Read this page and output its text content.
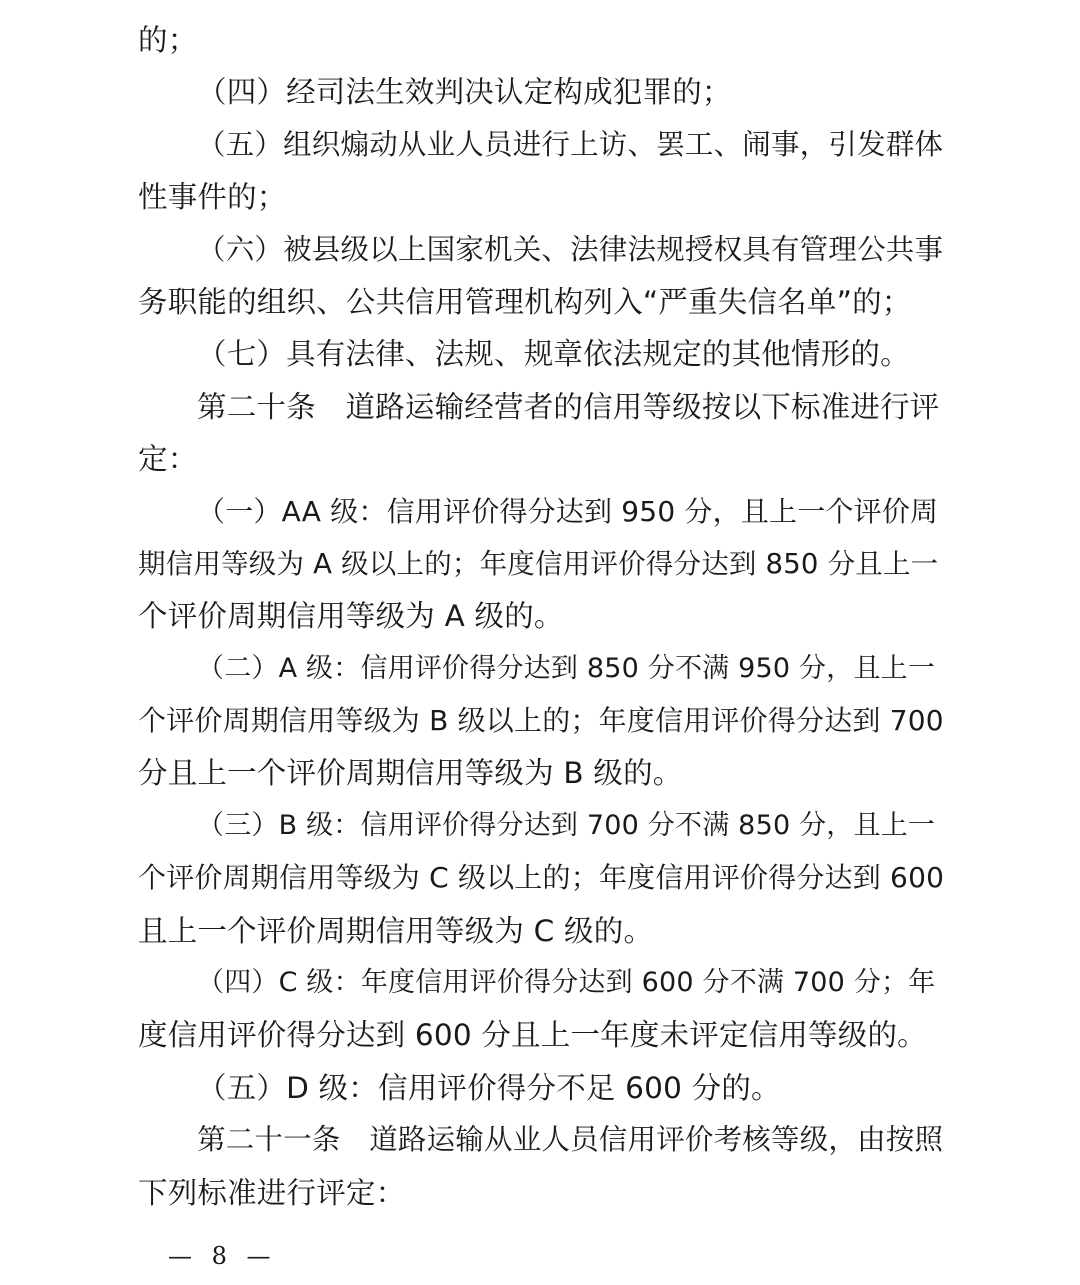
的；
（四）经司法生效判决认定构成犯罪的；
（五）组织煽动从业人员进行上访、罢工、闹事，引发群体
性事件的；
（六）被县级以上国家机关、法律法规授权具有管理公共事
务职能的组织、公共信用管理机构列入“严重失信名单”的；
（七）具有法律、法规、规章依法规定的其他情形的。
第二十条　道路运输经营者的信用等级按以下标准进行评
定：
（一）AA 级：信用评价得分达到 950 分，且上一个评价周
期信用等级为 A 级以上的；年度信用评价得分达到 850 分且上一
个评价周期信用等级为 A 级的。
（二）A 级：信用评价得分达到 850 分不满 950 分，且上一
个评价周期信用等级为 B 级以上的；年度信用评价得分达到 700
分且上一个评价周期信用等级为 B 级的。
（三）B 级：信用评价得分达到 700 分不满 850 分，且上一
个评价周期信用等级为 C 级以上的；年度信用评价得分达到 600
且上一个评价周期信用等级为 C 级的。
（四）C 级：年度信用评价得分达到 600 分不满 700 分；年
度信用评价得分达到 600 分且上一年度未评定信用等级的。
（五）D 级：信用评价得分不足 600 分的。
第二十一条　道路运输从业人员信用评价考核等级，由按照
下列标准进行评定：
— 8 —
